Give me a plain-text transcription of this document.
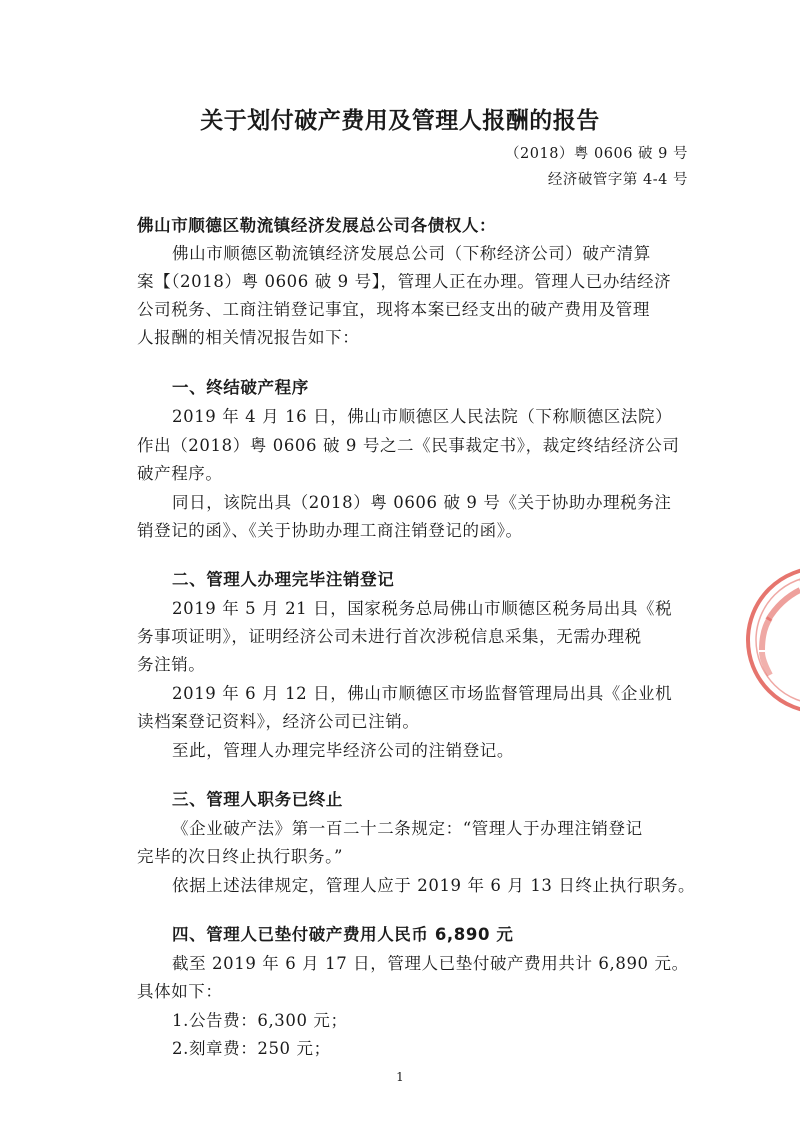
关于划付破产费用及管理人报酬的报告
（2018）粤 0606 破 9 号
经济破管字第 4-4 号
佛山市顺德区勒流镇经济发展总公司各债权人：
佛山市顺德区勒流镇经济发展总公司（下称经济公司）破产清算
案【（2018）粤 0606 破 9 号】，管理人正在办理。管理人已办结经济
公司税务、工商注销登记事宜，现将本案已经支出的破产费用及管理
人报酬的相关情况报告如下：
一、终结破产程序
2019 年 4 月 16 日，佛山市顺德区人民法院（下称顺德区法院）
作出（2018）粤 0606 破 9 号之二《民事裁定书》，裁定终结经济公司
破产程序。
同日，该院出具（2018）粤 0606 破 9 号《关于协助办理税务注
销登记的函》、《关于协助办理工商注销登记的函》。
二、管理人办理完毕注销登记
2019 年 5 月 21 日，国家税务总局佛山市顺德区税务局出具《税
务事项证明》，证明经济公司未进行首次涉税信息采集，无需办理税
务注销。
2019 年 6 月 12 日，佛山市顺德区市场监督管理局出具《企业机
读档案登记资料》，经济公司已注销。
至此，管理人办理完毕经济公司的注销登记。
三、管理人职务已终止
《企业破产法》第一百二十二条规定：“管理人于办理注销登记
完毕的次日终止执行职务。”
依据上述法律规定，管理人应于 2019 年 6 月 13 日终止执行职务。
四、管理人已垫付破产费用人民币 6,890 元
截至 2019 年 6 月 17 日，管理人已垫付破产费用共计 6,890 元。
具体如下：
1.公告费：6,300 元；
2.刻章费：250 元；
1
